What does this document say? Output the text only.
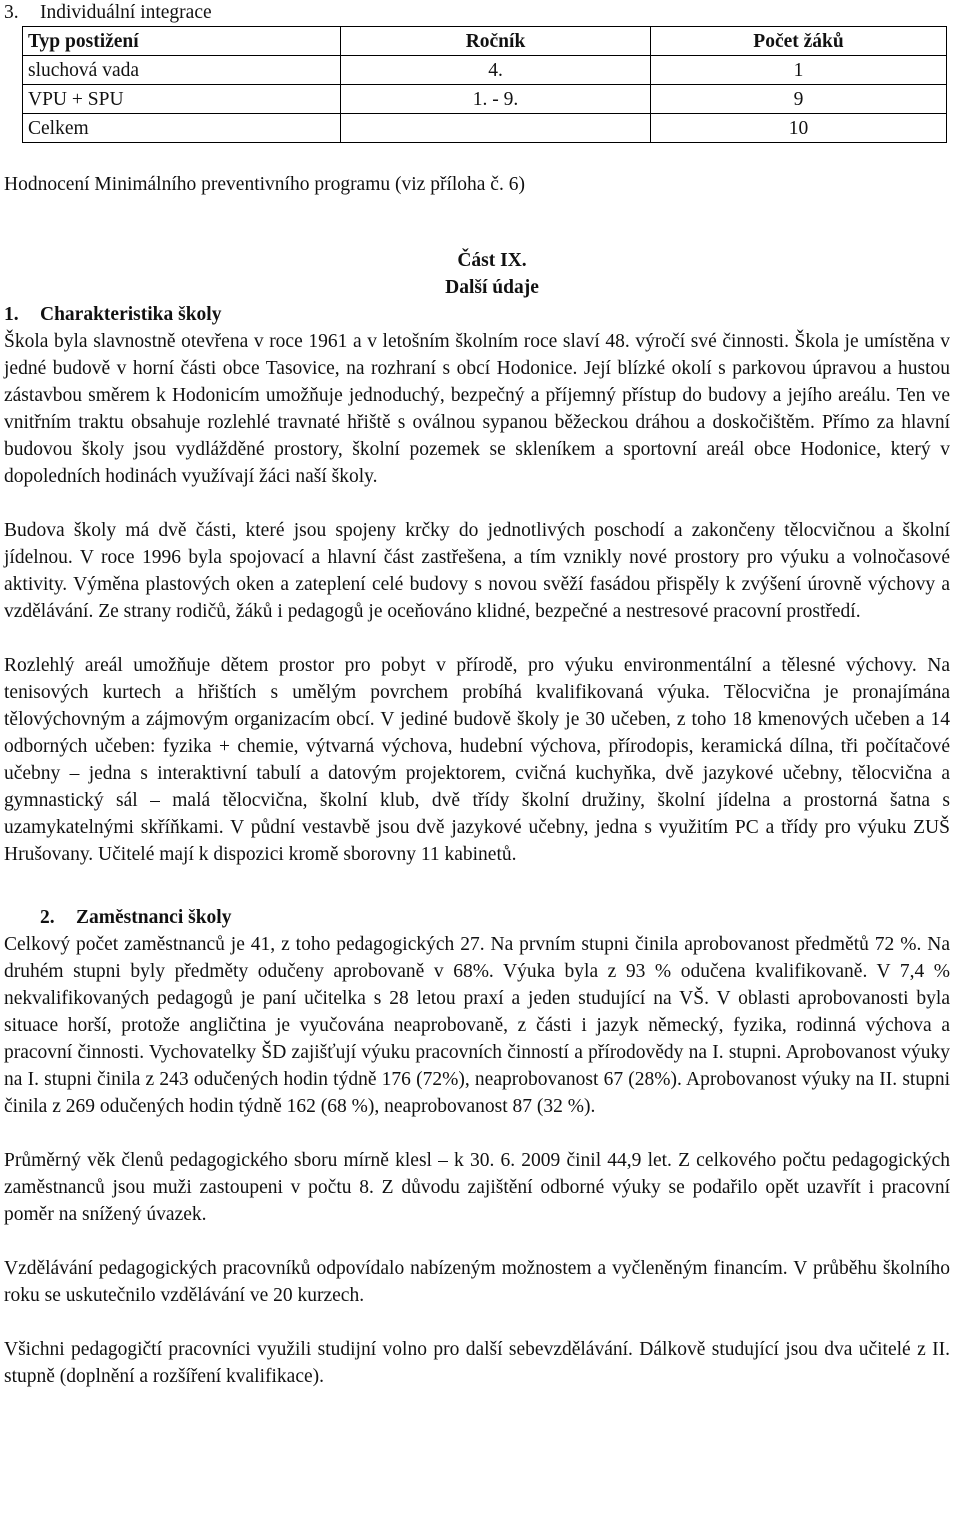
3. Individuální integrace
Typ postižení	Ročník	Počet žáků
sluchová vada	4.	1
VPU + SPU	1. - 9.	9
Celkem		10
Hodnocení Minimálního preventivního programu (viz příloha č. 6)
Část IX.
Další údaje
1. Charakteristika školy

Škola byla slavnostně otevřena v roce 1961 a v letošním školním roce slaví 48. výročí své činnosti. Škola je umístěna v jedné budově v horní části obce Tasovice, na rozhraní s obcí Hodonice. Její blízké okolí s parkovou úpravou a hustou zástavbou směrem k Hodonicím umožňuje jednoduchý, bezpečný a příjemný přístup do budovy a jejího areálu. Ten ve vnitřním traktu obsahuje rozlehlé travnaté hřiště s oválnou sypanou běžeckou dráhou a doskočištěm. Přímo za hlavní budovou školy jsou vydlážděné prostory, školní pozemek se skleníkem a sportovní areál obce Hodonice, který v dopoledních hodinách využívají žáci naší školy.

Budova školy má dvě části, které jsou spojeny krčky do jednotlivých poschodí a zakončeny tělocvičnou a školní jídelnou. V roce 1996 byla spojovací a hlavní část zastřešena, a tím vznikly nové prostory pro výuku a volnočasové aktivity. Výměna plastových oken a zateplení celé budovy s novou svěží fasádou přispěly k zvýšení úrovně výchovy a vzdělávání. Ze strany rodičů, žáků i pedagogů je oceňováno klidné, bezpečné a nestresové pracovní prostředí.

Rozlehlý areál umožňuje dětem prostor pro pobyt v přírodě, pro výuku environmentální a tělesné výchovy. Na tenisových kurtech a hřištích s umělým povrchem probíhá kvalifikovaná výuka. Tělocvična je pronajímána tělovýchovným a zájmovým organizacím obcí. V jediné budově školy je 30 učeben, z toho 18 kmenových učeben a 14 odborných učeben: fyzika + chemie, výtvarná výchova, hudební výchova, přírodopis, keramická dílna, tři počítačové učebny – jedna s interaktivní tabulí a datovým projektorem, cvičná kuchyňka, dvě jazykové učebny, tělocvična a gymnastický sál – malá tělocvična, školní klub, dvě třídy školní družiny, školní jídelna a prostorná šatna s uzamykatelnými skříňkami. V půdní vestavbě jsou dvě jazykové učebny, jedna s využitím PC a třídy pro výuku ZUŠ Hrušovany. Učitelé mají k dispozici kromě sborovny 11 kabinetů.

2. Zaměstnanci školy

Celkový počet zaměstnanců je 41, z toho pedagogických 27. Na prvním stupni činila aprobovanost předmětů 72 %. Na druhém stupni byly předměty odučeny aprobovaně v 68%. Výuka byla z 93 % odučena kvalifikovaně. V 7,4 % nekvalifikovaných pedagogů je paní učitelka s 28 letou praxí a jeden studující na VŠ. V oblasti aprobovanosti byla situace horší, protože angličtina je vyučována neaprobovaně, z části i jazyk německý, fyzika, rodinná výchova a pracovní činnosti. Vychovatelky ŠD zajišťují výuku pracovních činností a přírodovědy na I. stupni. Aprobovanost výuky na I. stupni činila z 243 odučených hodin týdně 176 (72%), neaprobovanost 67 (28%). Aprobovanost výuky na II. stupni činila z 269 odučených hodin týdně 162 (68 %), neaprobovanost 87 (32 %).

Průměrný věk členů pedagogického sboru mírně klesl – k 30. 6. 2009 činil 44,9 let. Z celkového počtu pedagogických zaměstnanců jsou muži zastoupeni v počtu 8. Z důvodu zajištění odborné výuky se podařilo opět uzavřít i pracovní poměr na snížený úvazek.

Vzdělávání pedagogických pracovníků odpovídalo nabízeným možnostem a vyčleněným financím. V průběhu školního roku se uskutečnilo vzdělávání ve 20 kurzech.

Všichni pedagogičtí pracovníci využili studijní volno pro další sebevzdělávání. Dálkově studující jsou dva učitelé z II. stupně (doplnění a rozšíření kvalifikace).
